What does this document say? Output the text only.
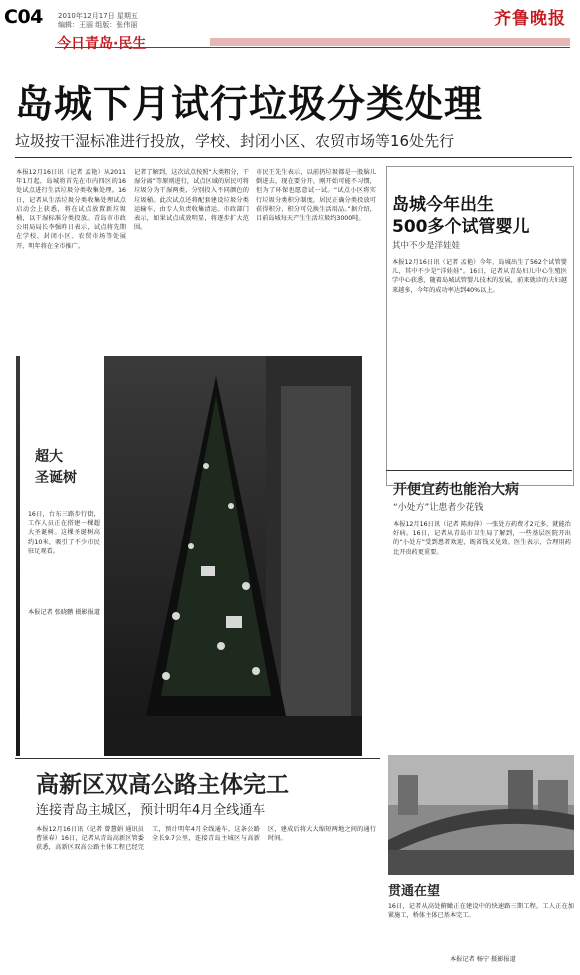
C04 2010年12月17日 星期五
编辑：王丽 组版：张伟丽	齐鲁晚报
今日青岛·民生
岛城下月试行垃圾分类处理
垃圾按干湿标准进行投放，学校、封闭小区、农贸市场等16处先行
本报12月16日讯（记者 孟艳）从2011年1月起，岛城将首先在市内四区的16处试点进行生活垃圾分类收集处理。16日，记者从生活垃圾分类收集处理试点启动会上获悉，将在试点放置新垃圾桶，以干湿标准分类投放。青岛市市政公用局局长李强昨日表示，试点将先期在学校、封闭小区、农贸市场等处展开，明年将在全市推广。
记者了解到，这次试点按照“大类粗分，干湿分离”等原则进行，试点区域的居民可将垃圾分为干湿两类，分别投入不同颜色的垃圾桶。此次试点还将配套建设垃圾分类运输车，由专人负责收集清运。市政部门表示，如果试点成效明显，将逐步扩大范围。
市民王先生表示，以前扔垃圾都是一股脑儿倒进去，现在要分开，刚开始可能不习惯，但为了环保也愿意试一试。“试点小区将实行垃圾分类积分制度，居民正确分类投放可获得积分，积分可兑换生活用品。”据介绍，目前岛城每天产生生活垃圾约3000吨。
岛城今年出生
500多个试管婴儿
其中不少是洋娃娃
本报12月16日讯（记者 孟艳）今年，岛城出生了562个试管婴儿，其中不少是“洋娃娃”。16日，记者从青岛妇儿中心生殖医学中心获悉，随着岛城试管婴儿技术的发展，前来就诊的夫妇越来越多，今年的成功率达到40%以上。
超大
圣诞树
16日，台东三路步行街，工作人员正在搭建一棵超大圣诞树。这棵圣诞树高约10米，吸引了不少市民驻足观看。
本报记者 张晓鹏 摄影报道
开便宜药也能治大病
“小处方”让患者少花钱
本报12月16日讯（记者 陈海萍）一张处方药费才2元多，就能治好病。16日，记者从青岛市卫生局了解到，一些基层医院开出的“小处方”受到患者欢迎，既省钱又见效。医生表示，合理用药比开贵药更重要。
高新区双高公路主体完工
连接青岛主城区，预计明年4月全线通车
本报12月16日讯（记者 曾慧娟 通讯员 曹景春）16日，记者从青岛高新区管委获悉，高新区双高公路主体工程已经完工，预计明年4月全线通车。这条公路全长9.7公里，连接青岛主城区与高新区，建成后将大大缩短两地之间的通行时间。
贯通在望
16日，记者从高处俯瞰正在建设中的快速路三期工程，工人正在加紧施工，桥体主体已基本完工。
本报记者 杨宁 摄影报道
